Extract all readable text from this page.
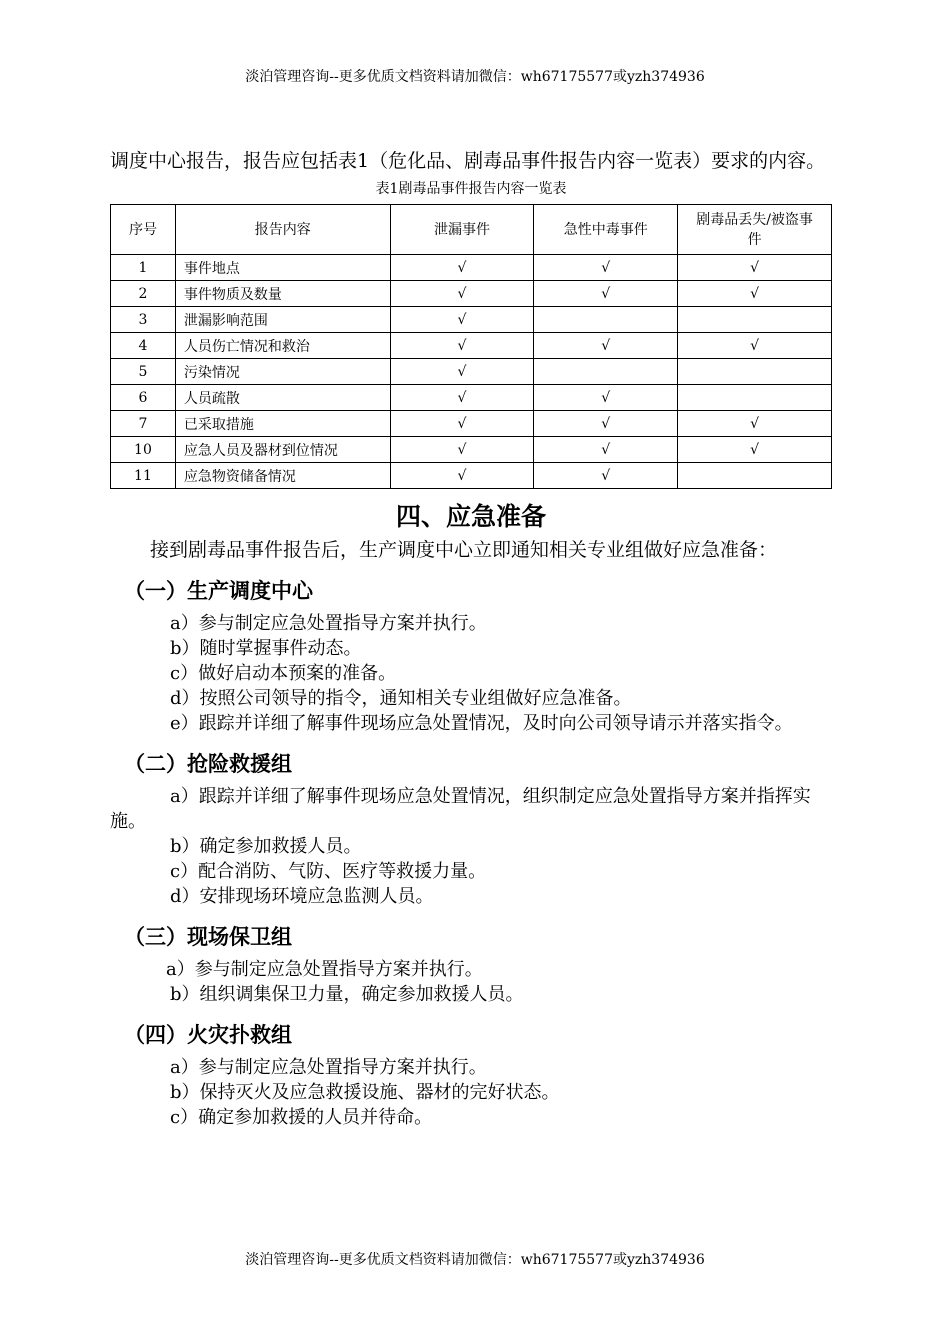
淡泊管理咨询--更多优质文档资料请加微信：wh67175577或yzh374936

调度中心报告，报告应包括表1（危化品、剧毒品事件报告内容一览表）要求的内容。

表1剧毒品事件报告内容一览表
序号	报告内容	泄漏事件	急性中毒事件	剧毒品丢失/被盗事件
1	事件地点	√	√	√
2	事件物质及数量	√	√	√
3	泄漏影响范围	√		
4	人员伤亡情况和救治	√	√	√
5	污染情况	√		
6	人员疏散	√	√	
7	已采取措施	√	√	√
10	应急人员及器材到位情况	√	√	√
11	应急物资储备情况	√	√	
四、应急准备

接到剧毒品事件报告后，生产调度中心立即通知相关专业组做好应急准备：

（一）生产调度中心

a）参与制定应急处置指导方案并执行。

b）随时掌握事件动态。

c）做好启动本预案的准备。

d）按照公司领导的指令，通知相关专业组做好应急准备。

e）跟踪并详细了解事件现场应急处置情况，及时向公司领导请示并落实指令。

（二）抢险救援组

a）跟踪并详细了解事件现场应急处置情况，组织制定应急处置指导方案并指挥实施。

b）确定参加救援人员。

c）配合消防、气防、医疗等救援力量。

d）安排现场环境应急监测人员。

（三）现场保卫组

a）参与制定应急处置指导方案并执行。

b）组织调集保卫力量，确定参加救援人员。

（四）火灾扑救组

a）参与制定应急处置指导方案并执行。

b）保持灭火及应急救援设施、器材的完好状态。

c）确定参加救援的人员并待命。

淡泊管理咨询--更多优质文档资料请加微信：wh67175577或yzh374936
